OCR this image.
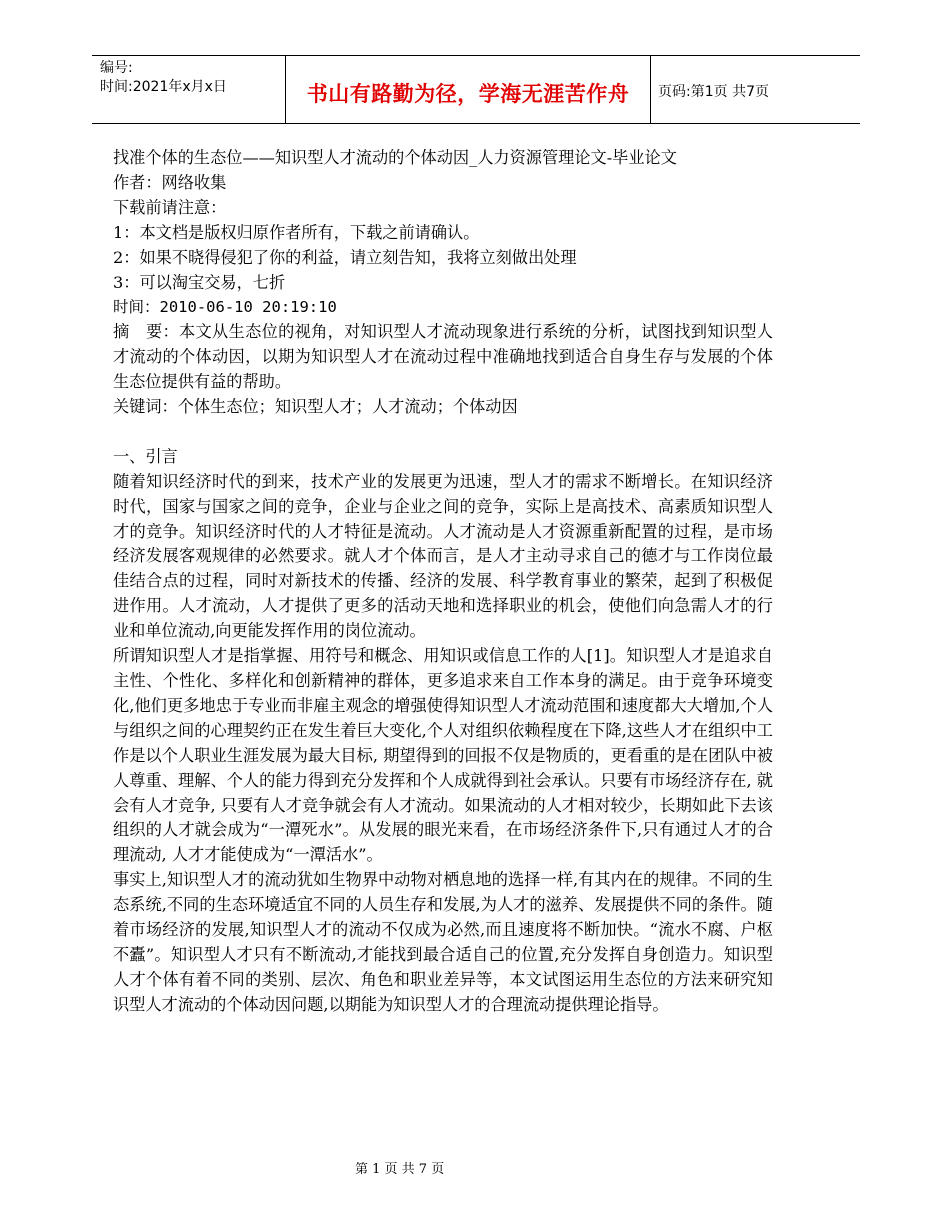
编号:
时间:2021年x月x日	书山有路勤为径，学海无涯苦作舟	页码:第1页 共7页

找准个体的生态位——知识型人才流动的个体动因_人力资源管理论文-毕业论文

作者：网络收集

下载前请注意：

1：本文档是版权归原作者所有，下载之前请确认。

2：如果不晓得侵犯了你的利益，请立刻告知，我将立刻做出处理

3：可以淘宝交易，七折

时间：2010-06-10 20:19:10

摘　要：本文从生态位的视角，对知识型人才流动现象进行系统的分析，试图找到知识型人才流动的个体动因，以期为知识型人才在流动过程中准确地找到适合自身生存与发展的个体生态位提供有益的帮助。

关键词：个体生态位；知识型人才；人才流动；个体动因

一、引言

随着知识经济时代的到来，技术产业的发展更为迅速，型人才的需求不断增长。在知识经济时代，国家与国家之间的竞争，企业与企业之间的竞争，实际上是高技术、高素质知识型人才的竞争。知识经济时代的人才特征是流动。人才流动是人才资源重新配置的过程，是市场经济发展客观规律的必然要求。就人才个体而言，是人才主动寻求自己的德才与工作岗位最佳结合点的过程，同时对新技术的传播、经济的发展、科学教育事业的繁荣，起到了积极促进作用。人才流动，人才提供了更多的活动天地和选择职业的机会，使他们向急需人才的行业和单位流动,向更能发挥作用的岗位流动。

所谓知识型人才是指掌握、用符号和概念、用知识或信息工作的人[1]。知识型人才是追求自主性、个性化、多样化和创新精神的群体，更多追求来自工作本身的满足。由于竞争环境变化,他们更多地忠于专业而非雇主观念的增强使得知识型人才流动范围和速度都大大增加,个人与组织之间的心理契约正在发生着巨大变化,个人对组织依赖程度在下降,这些人才在组织中工作是以个人职业生涯发展为最大目标, 期望得到的回报不仅是物质的，更看重的是在团队中被人尊重、理解、个人的能力得到充分发挥和个人成就得到社会承认。只要有市场经济存在, 就会有人才竞争, 只要有人才竞争就会有人才流动。如果流动的人才相对较少，长期如此下去该组织的人才就会成为“一潭死水”。从发展的眼光来看，在市场经济条件下,只有通过人才的合理流动, 人才才能使成为“一潭活水”。

事实上,知识型人才的流动犹如生物界中动物对栖息地的选择一样,有其内在的规律。不同的生态系统,不同的生态环境适宜不同的人员生存和发展,为人才的滋养、发展提供不同的条件。随着市场经济的发展,知识型人才的流动不仅成为必然,而且速度将不断加快。“流水不腐、户枢不蠹”。知识型人才只有不断流动,才能找到最合适自己的位置,充分发挥自身创造力。知识型人才个体有着不同的类别、层次、角色和职业差异等，本文试图运用生态位的方法来研究知识型人才流动的个体动因问题,以期能为知识型人才的合理流动提供理论指导。

第 1 页 共 7 页
